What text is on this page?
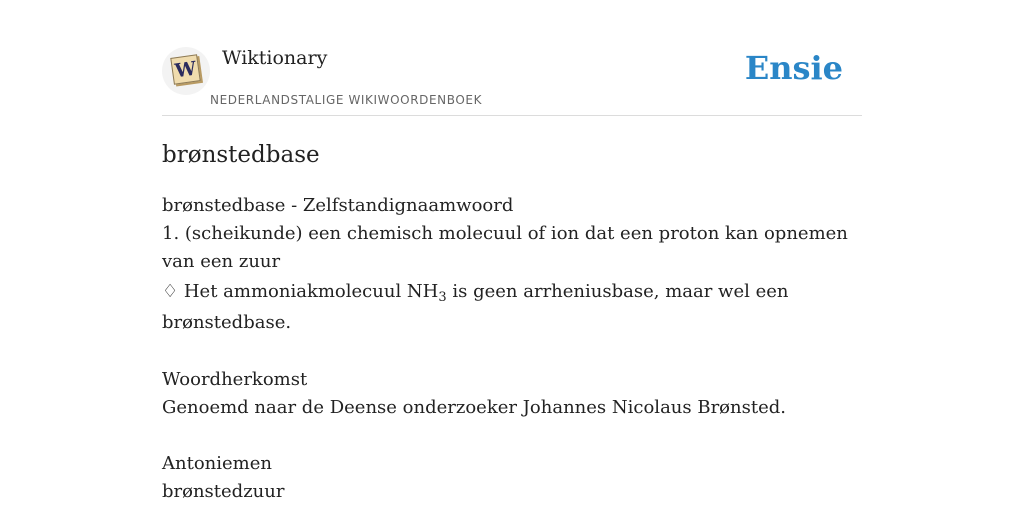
W Wiktionary
NEDERLANDSTALIGE WIKIWOORDENBOEK
Ensie
brønstedbase

brønstedbase - Zelfstandignaamwoord

1. (scheikunde) een chemisch molecuul of ion dat een proton kan opnemen van een zuur

♢ Het ammoniakmolecuul $NH_3$ is geen arrheniusbase, maar wel een brønstedbase.

Woordherkomst

Genoemd naar de Deense onderzoeker Johannes Nicolaus Brønsted.

Antoniemen

brønstedzuur
